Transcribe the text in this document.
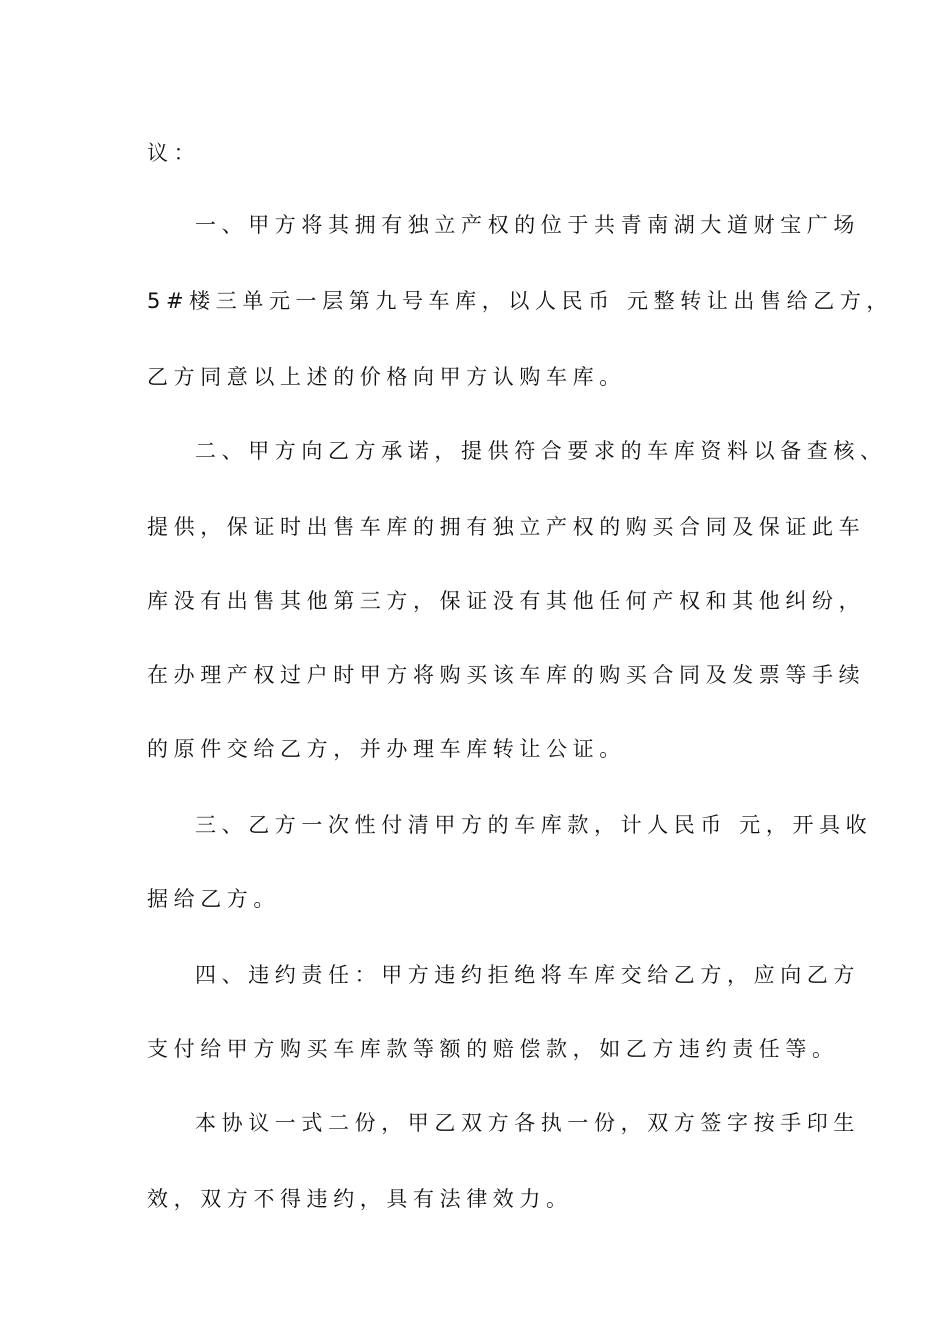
议：

一、甲方将其拥有独立产权的位于共青南湖大道财宝广场

5#楼三单元一层第九号车库，以人民币 元整转让出售给乙方，

乙方同意以上述的价格向甲方认购车库。

二、甲方向乙方承诺，提供符合要求的车库资料以备查核、

提供，保证时出售车库的拥有独立产权的购买合同及保证此车

库没有出售其他第三方，保证没有其他任何产权和其他纠纷，

在办理产权过户时甲方将购买该车库的购买合同及发票等手续

的原件交给乙方，并办理车库转让公证。

三、乙方一次性付清甲方的车库款，计人民币 元，开具收

据给乙方。

四、违约责任：甲方违约拒绝将车库交给乙方，应向乙方

支付给甲方购买车库款等额的赔偿款，如乙方违约责任等。

本协议一式二份，甲乙双方各执一份，双方签字按手印生

效，双方不得违约，具有法律效力。
